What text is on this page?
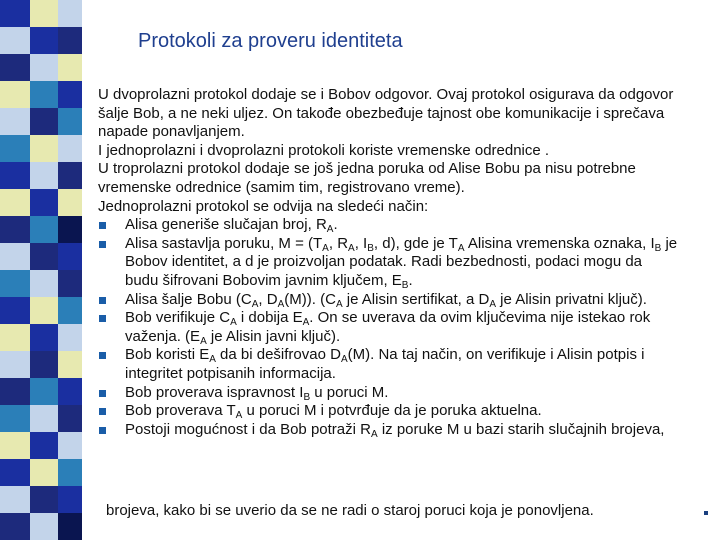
Protokoli za proveru identiteta
U dvoprolazni protokol dodaje se i Bobov odgovor. Ovaj protokol osigurava da odgovor
šalje Bob, a ne neki uljez. On takođe obezbeđuje tajnost obe komunikacije i sprečava
napade ponavljanjem.
I jednoprolazni i dvoprolazni protokoli koriste vremenske odrednice .
U troprolazni protokol dodaje se još jedna poruka od Alise Bobu pa nisu potrebne
vremenske odrednice (samim tim, registrovano vreme).
Jednoprolazni protokol se odvija na sledeći način:
Alisa generiše slučajan broj, $R_A$.
Alisa sastavlja poruku, $M = (T_A$, $R_A$, $I_B$, d), gde je $T_A$ Alisina vremenska oznaka, $I_B$ je
Bobov identitet, a d je proizvoljan podatak. Radi bezbednosti, podaci mogu da
budu šifrovani Bobovim javnim ključem, $E_B$.
Alisa šalje Bobu ($C_A$, $D_A(M)$). ($C_A$ je Alisin sertifikat, a $D_A$ je Alisin privatni ključ).
Bob verifikuje $C_A$ i dobija $E_A$. On se uverava da ovim ključevima nije istekao rok
važenja. ($E_A$ je Alisin javni ključ).
Bob koristi $E_A$ da bi dešifrovao $D_A(M)$. Na taj način, on verifikuje i Alisin potpis i
integritet potpisanih informacija.
Bob proverava ispravnost $I_B$ u poruci M.
Bob proverava $T_A$ u poruci M i potvrđuje da je poruka aktuelna.
Postoji mogućnost i da Bob potraži $R_A$ iz poruke M u bazi starih slučajnih brojeva,
brojeva, kako bi se uverio da se ne radi o staroj poruci koja je ponovljena.
